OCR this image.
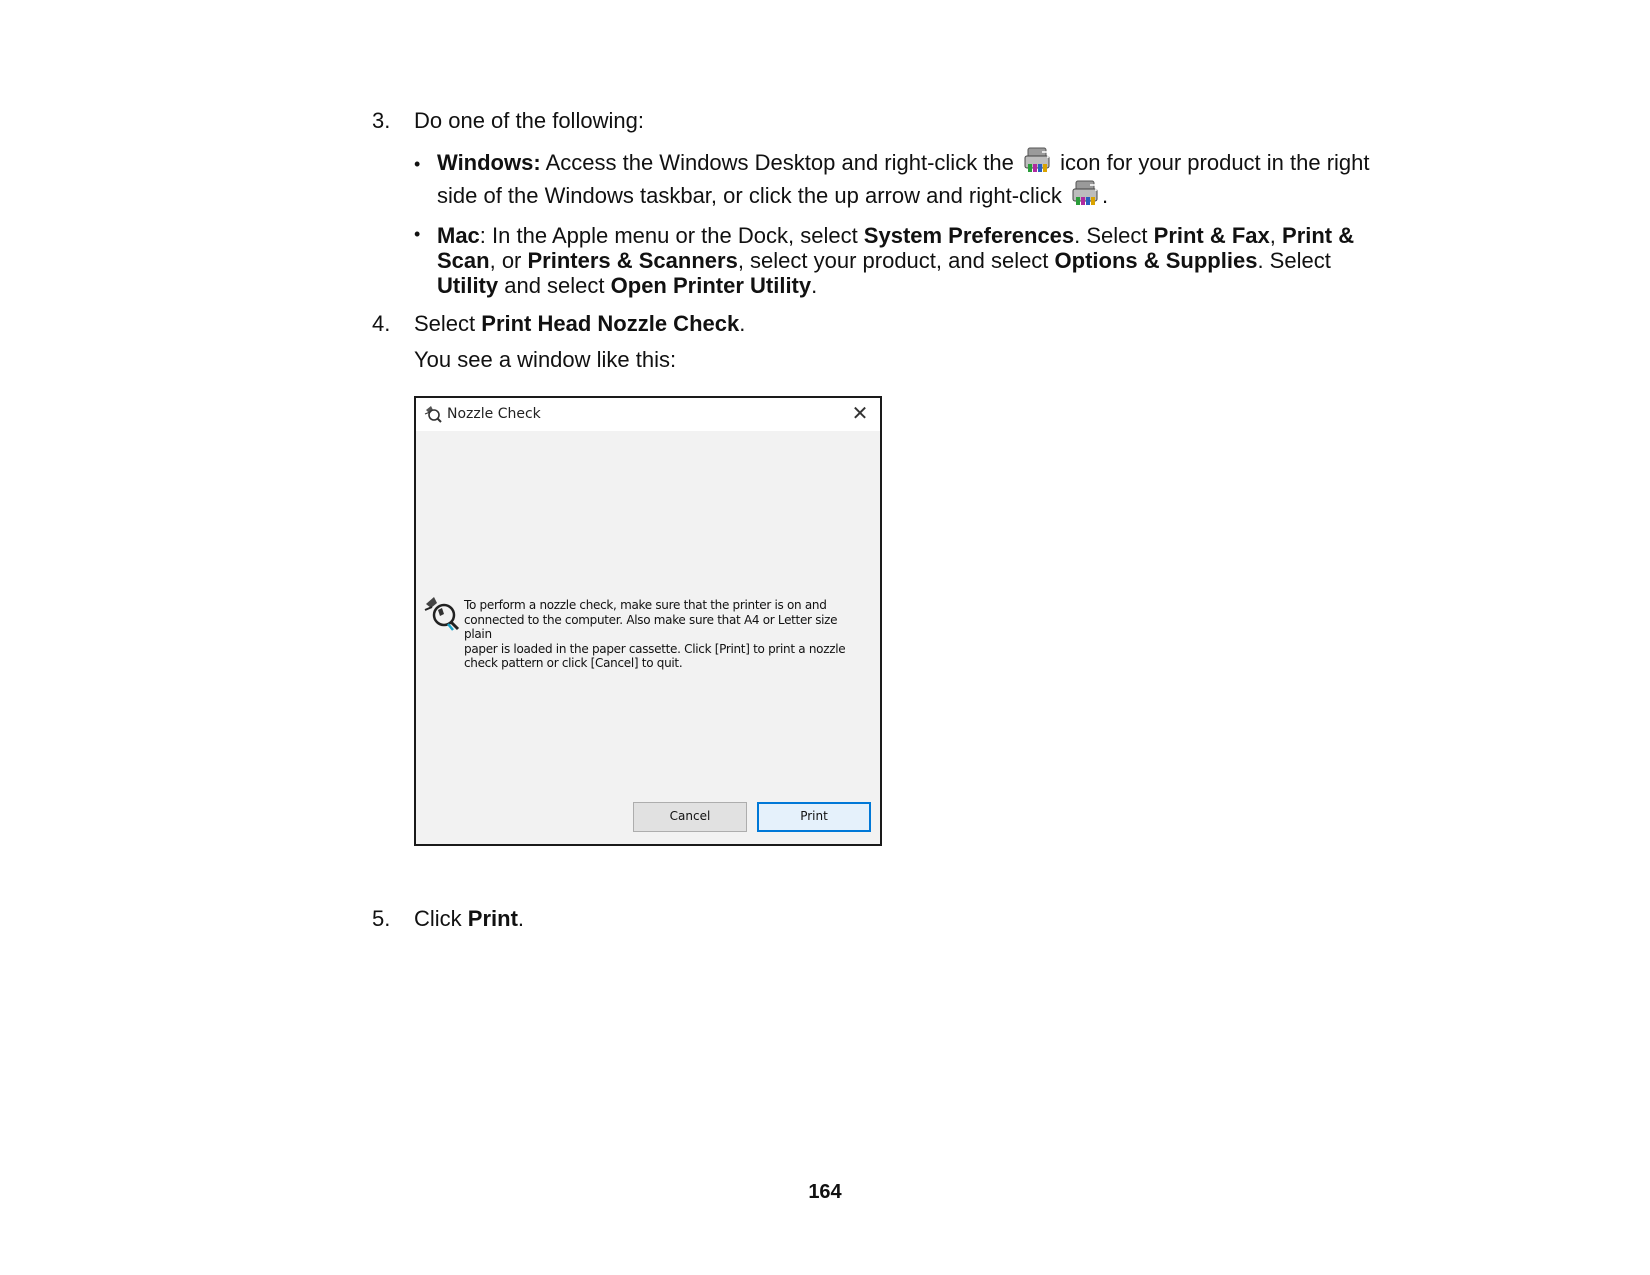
3. Do one of the following:
• Windows: Access the Windows Desktop and right-click the  icon for your product in the right
side of the Windows taskbar, or click the up arrow and right-click .
• Mac: In the Apple menu or the Dock, select System Preferences. Select Print & Fax, Print &
Scan, or Printers & Scanners, select your product, and select Options & Supplies. Select
Utility and select Open Printer Utility.
4. Select Print Head Nozzle Check.
You see a window like this:
Nozzle Check	✕
To perform a nozzle check, make sure that the printer is on and
connected to the computer. Also make sure that A4 or Letter size plain
paper is loaded in the paper cassette. Click [Print] to print a nozzle
check pattern or click [Cancel] to quit.
Cancel	Print
5. Click Print.
164
